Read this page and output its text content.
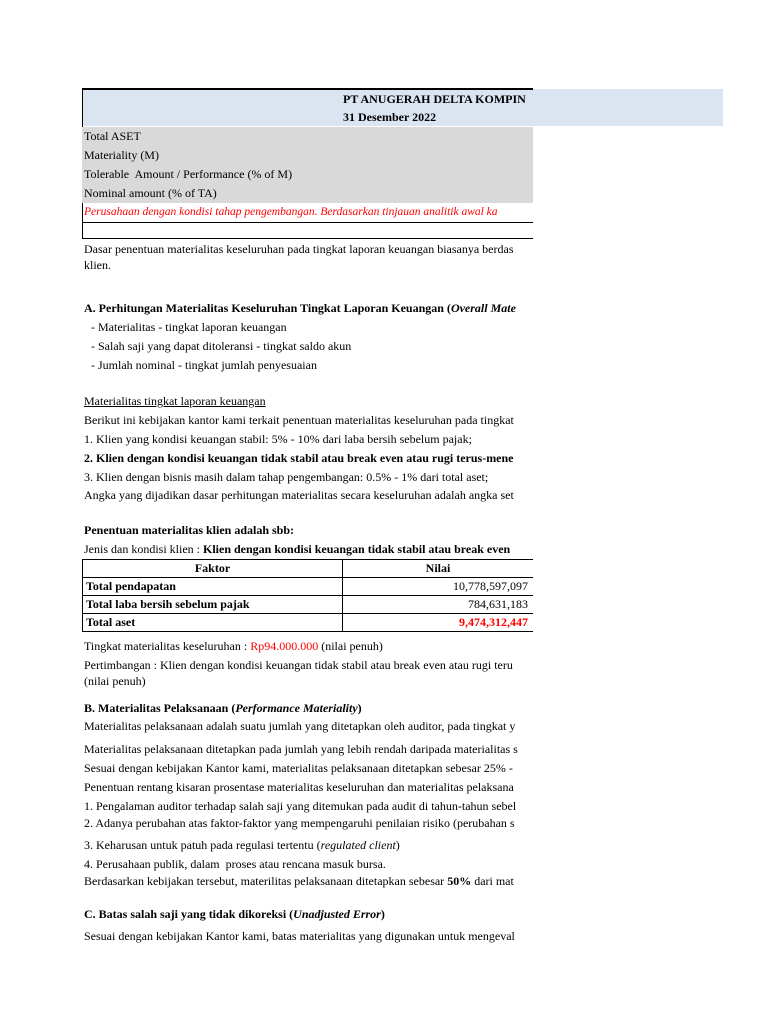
PT ANUGERAH DELTA KOMPIN

31 Desember 2022

Total ASET
Materiality (M)
Tolerable  Amount / Performance (% of M)
Nominal amount (% of TA)
Perusahaan dengan kondisi tahap pengembangan. Berdasarkan tinjauan analitik awal ka
Dasar penentuan materialitas keseluruhan pada tingkat laporan keuangan biasanya berdas
klien.
A. Perhitungan Materialitas Keseluruhan Tingkat Laporan Keuangan (Overall Mate
- Materialitas - tingkat laporan keuangan
- Salah saji yang dapat ditoleransi - tingkat saldo akun
- Jumlah nominal - tingkat jumlah penyesuaian
Materialitas tingkat laporan keuangan
Berikut ini kebijakan kantor kami terkait penentuan materialitas keseluruhan pada tingkat
1. Klien yang kondisi keuangan stabil: 5% - 10% dari laba bersih sebelum pajak;
2. Klien dengan kondisi keuangan tidak stabil atau break even atau rugi terus-mene
3. Klien dengan bisnis masih dalam tahap pengembangan: 0.5% - 1% dari total aset;
Angka yang dijadikan dasar perhitungan materialitas secara keseluruhan adalah angka set
Penentuan materialitas klien adalah sbb:
Jenis dan kondisi klien : Klien dengan kondisi keuangan tidak stabil atau break even
Faktor	Nilai
Total pendapatan	10,778,597,097
Total laba bersih sebelum pajak	784,631,183
Total aset	9,474,312,447
Tingkat materialitas keseluruhan : Rp94.000.000 (nilai penuh)
Pertimbangan : Klien dengan kondisi keuangan tidak stabil atau break even atau rugi teru
(nilai penuh)
B. Materialitas Pelaksanaan (Performance Materiality)
Materialitas pelaksanaan adalah suatu jumlah yang ditetapkan oleh auditor, pada tingkat y
Materialitas pelaksanaan ditetapkan pada jumlah yang lebih rendah daripada materialitas s
Sesuai dengan kebijakan Kantor kami, materialitas pelaksanaan ditetapkan sebesar 25% -
Penentuan rentang kisaran prosentase materialitas keseluruhan dan materialitas pelaksana
1. Pengalaman auditor terhadap salah saji yang ditemukan pada audit di tahun-tahun sebel
2. Adanya perubahan atas faktor-faktor yang mempengaruhi penilaian risiko (perubahan s
3. Keharusan untuk patuh pada regulasi tertentu (regulated client)
4. Perusahaan publik, dalam  proses atau rencana masuk bursa.
Berdasarkan kebijakan tersebut, materilitas pelaksanaan ditetapkan sebesar 50% dari mat
C. Batas salah saji yang tidak dikoreksi (Unadjusted Error)
Sesuai dengan kebijakan Kantor kami, batas materialitas yang digunakan untuk mengeval
